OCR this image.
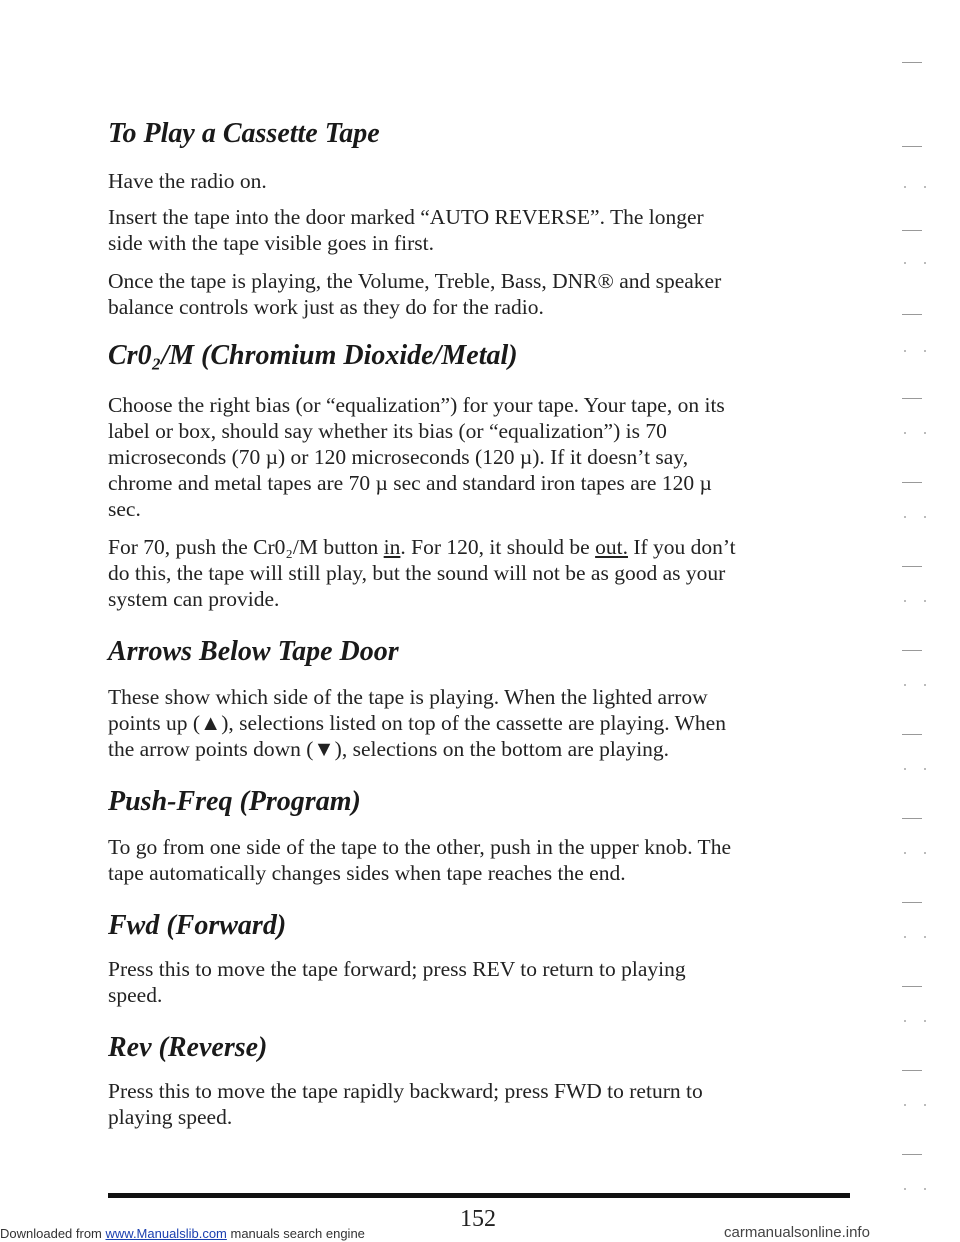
To Play a Cassette Tape

Have the radio on.

Insert the tape into the door marked “AUTO REVERSE”. The longer
side with the tape visible goes in first.

Once the tape is playing, the Volume, Treble, Bass, DNR® and speaker
balance controls work just as they do for the radio.

Cr0₂/M (Chromium Dioxide/Metal)

Choose the right bias (or “equalization”) for your tape. Your tape, on its
label or box, should say whether its bias (or “equalization”) is 70
microseconds (70 µ) or 120 microseconds (120 µ). If it doesn’t say,
chrome and metal tapes are 70 µ sec and standard iron tapes are 120 µ
sec.

For 70, push the Cr0₂/M button in. For 120, it should be out. If you don’t
do this, the tape will still play, but the sound will not be as good as your
system can provide.

Arrows Below Tape Door

These show which side of the tape is playing. When the lighted arrow
points up (▲), selections listed on top of the cassette are playing. When
the arrow points down (▼), selections on the bottom are playing.

Push-Freq (Program)

To go from one side of the tape to the other, push in the upper knob. The
tape automatically changes sides when tape reaches the end.

Fwd (Forward)

Press this to move the tape forward; press REV to return to playing
speed.

Rev (Reverse)

Press this to move the tape rapidly backward; press FWD to return to
playing speed.

152
Downloaded from www.Manualslib.com manuals search engine	carmanualsonline.info
